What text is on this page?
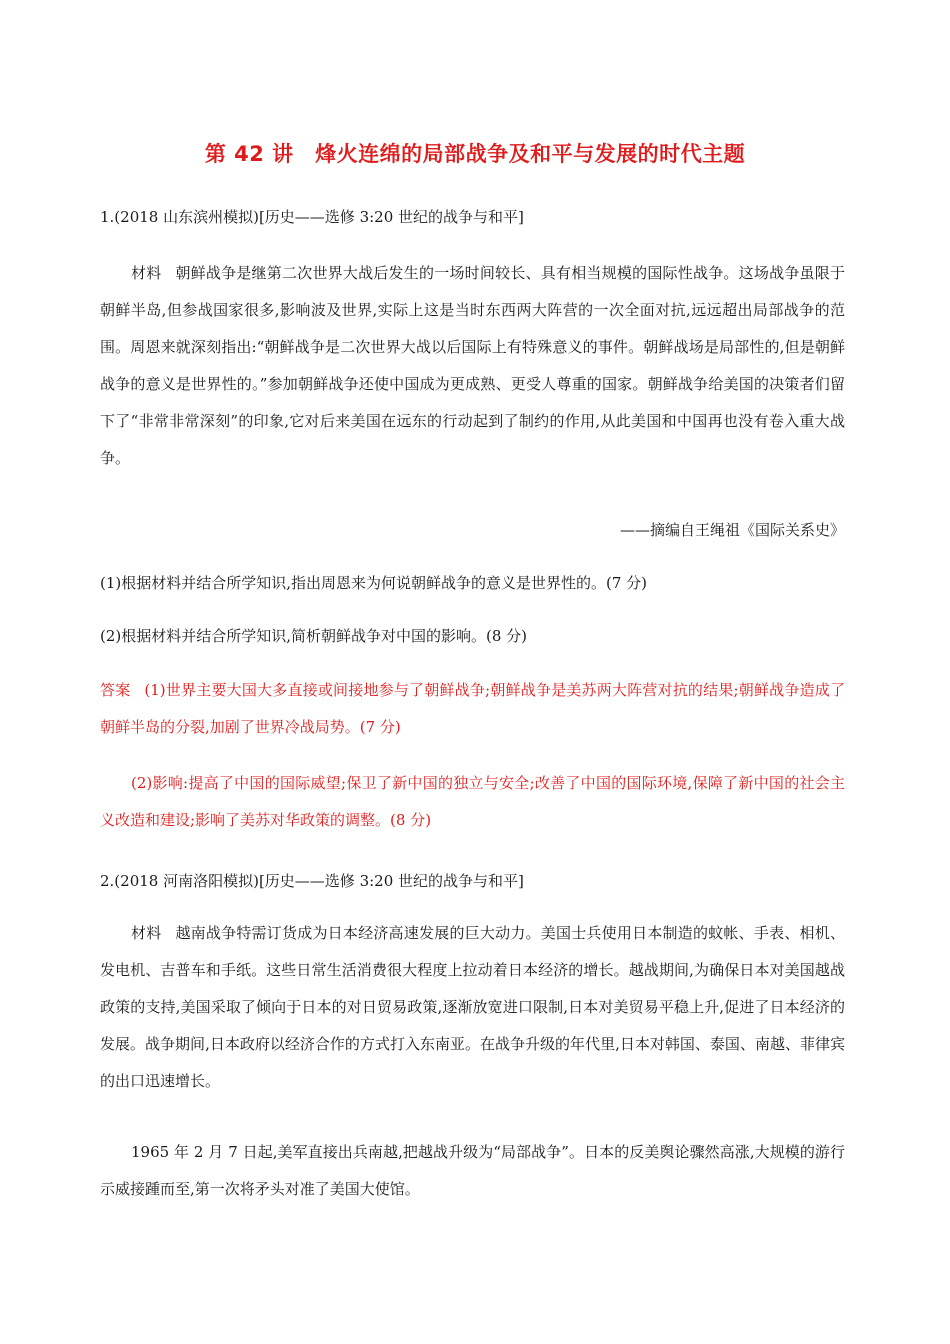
第 42 讲　烽火连绵的局部战争及和平与发展的时代主题
1.(2018 山东滨州模拟)[历史——选修 3:20 世纪的战争与和平]
材料 朝鲜战争是继第二次世界大战后发生的一场时间较长、具有相当规模的国际性战争。这场战争虽限于朝鲜半岛,但参战国家很多,影响波及世界,实际上这是当时东西两大阵营的一次全面对抗,远远超出局部战争的范围。周恩来就深刻指出:“朝鲜战争是二次世界大战以后国际上有特殊意义的事件。朝鲜战场是局部性的,但是朝鲜战争的意义是世界性的。”参加朝鲜战争还使中国成为更成熟、更受人尊重的国家。朝鲜战争给美国的决策者们留下了“非常非常深刻”的印象,它对后来美国在远东的行动起到了制约的作用,从此美国和中国再也没有卷入重大战争。
——摘编自王绳祖《国际关系史》
(1)根据材料并结合所学知识,指出周恩来为何说朝鲜战争的意义是世界性的。(7 分)
(2)根据材料并结合所学知识,简析朝鲜战争对中国的影响。(8 分)
答案 (1)世界主要大国大多直接或间接地参与了朝鲜战争;朝鲜战争是美苏两大阵营对抗的结果;朝鲜战争造成了朝鲜半岛的分裂,加剧了世界冷战局势。(7 分)
(2)影响:提高了中国的国际威望;保卫了新中国的独立与安全;改善了中国的国际环境,保障了新中国的社会主义改造和建设;影响了美苏对华政策的调整。(8 分)
2.(2018 河南洛阳模拟)[历史——选修 3:20 世纪的战争与和平]
材料 越南战争特需订货成为日本经济高速发展的巨大动力。美国士兵使用日本制造的蚊帐、手表、相机、发电机、吉普车和手纸。这些日常生活消费很大程度上拉动着日本经济的增长。越战期间,为确保日本对美国越战政策的支持,美国采取了倾向于日本的对日贸易政策,逐渐放宽进口限制,日本对美贸易平稳上升,促进了日本经济的发展。战争期间,日本政府以经济合作的方式打入东南亚。在战争升级的年代里,日本对韩国、泰国、南越、菲律宾的出口迅速增长。
1965 年 2 月 7 日起,美军直接出兵南越,把越战升级为“局部战争”。日本的反美舆论骤然高涨,大规模的游行示威接踵而至,第一次将矛头对准了美国大使馆。
